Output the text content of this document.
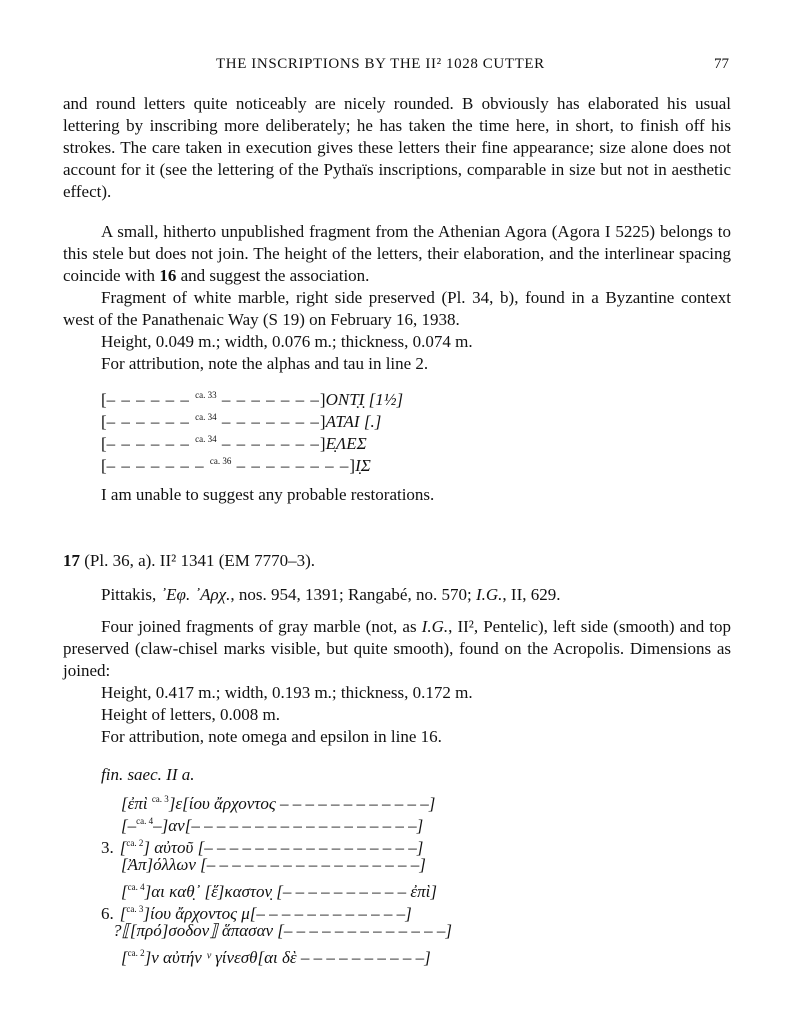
THE INSCRIPTIONS BY THE II² 1028 CUTTER	77

and round letters quite noticeably are nicely rounded. B obviously has elaborated his usual lettering by inscribing more deliberately; he has taken the time here, in short, to finish off his strokes. The care taken in execution gives these letters their fine appearance; size alone does not account for it (see the lettering of the Pythaïs inscriptions, comparable in size but not in aesthetic effect).

A small, hitherto unpublished fragment from the Athenian Agora (Agora I 5225) belongs to this stele but does not join. The height of the letters, their elaboration, and the interlinear spacing coincide with 16 and suggest the association.

Fragment of white marble, right side preserved (Pl. 34, b), found in a Byzantine context west of the Panathenaic Way (S 19) on February 16, 1938.

Height, 0.049 m.; width, 0.076 m.; thickness, 0.074 m.
For attribution, note the alphas and tau in line 2.
[– – – – – – $^{ca. 33}$ – – – – – – –]ΟΝΤ̣Ι̣ [1½]
[– – – – – – $^{ca. 34}$ – – – – – – –]ΑΤΑΙ [.]
[– – – – – – $^{ca. 34}$ – – – – – – –]Ε̣ΛΕΣ
[– – – – – – – $^{ca. 36}$ – – – – – – – –]Ι̣Σ
I am unable to suggest any probable restorations.
17 (Pl. 36, a). II² 1341 (EM 7770–3).
Pittakis, ᾽Εφ. ᾽Αρχ., nos. 954, 1391; Rangabé, no. 570; I.G., II, 629.

Four joined fragments of gray marble (not, as I.G., II², Pentelic), left side (smooth) and top preserved (claw-chisel marks visible, but quite smooth), found on the Acropolis. Dimensions as joined:

Height, 0.417 m.; width, 0.193 m.; thickness, 0.172 m.
Height of letters, 0.008 m.
For attribution, note omega and epsilon in line 16.
fin. saec. II a.
[ἐπὶ $^{ca. 3}$]ε[ίου ἄρχοντος – – – – – – – – – – – –]
[–$^{ca. 4}$–]αν[– – – – – – – – – – – – – – – – – –]
3. [$^{ca. 2}$] αὐτοῦ [– – – – – – – – – – – – – – – – –]
[Ἀπ]όλλων [– – – – – – – – – – – – – – – – –]
[$^{ca. 4}$]αι καθ̣᾽ [ἕ]καστον̣ [– – – – – – – – – – ἐπὶ]
6. [$^{ca. 3}$]ίου ἄρχοντος μ[– – – – – – – – – – – –]
?⟦[πρό]σοδον⟧ ἅπασαν [– – – – – – – – – – – – –]
[$^{ca. 2}$]ν αὐτήν ᵛ γίνεσθ[αι δὲ – – – – – – – – – –]
